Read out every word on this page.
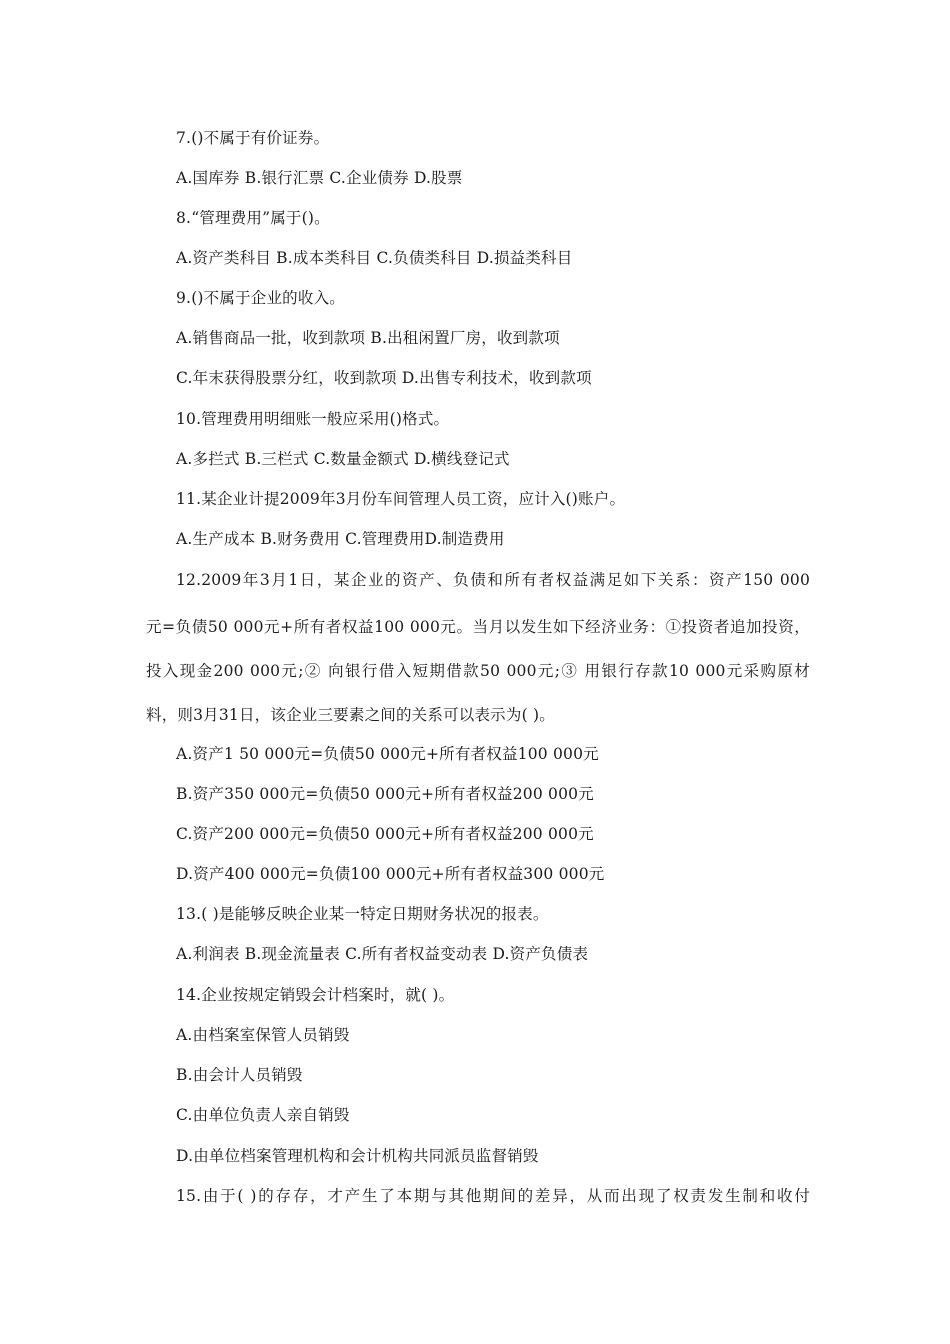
7.()不属于有价证券。
A.国库券 B.银行汇票 C.企业债券 D.股票
8.“管理费用”属于()。
A.资产类科目 B.成本类科目 C.负债类科目 D.损益类科目
9.()不属于企业的收入。
A.销售商品一批，收到款项 B.出租闲置厂房，收到款项
C.年末获得股票分红，收到款项 D.出售专利技术，收到款项
10.管理费用明细账一般应采用()格式。
A.多拦式 B.三栏式 C.数量金额式 D.横线登记式
11.某企业计提2009年3月份车间管理人员工资，应计入()账户。
A.生产成本 B.财务费用 C.管理费用D.制造费用
12.2009年3月1日，某企业的资产、负债和所有者权益满足如下关系：资产150 000
元=负债50 000元+所有者权益100 000元。当月以发生如下经济业务：①投资者追加投资，
投入现金200 000元;② 向银行借入短期借款50 000元;③ 用银行存款10 000元采购原材
料，则3月31日，该企业三要素之间的关系可以表示为( )。
A.资产1 50 000元=负债50 000元+所有者权益100 000元
B.资产350 000元=负债50 000元+所有者权益200 000元
C.资产200 000元=负债50 000元+所有者权益200 000元
D.资产400 000元=负债100 000元+所有者权益300 000元
13.( )是能够反映企业某一特定日期财务状况的报表。
A.利润表 B.现金流量表 C.所有者权益变动表 D.资产负债表
14.企业按规定销毁会计档案时，就( )。
A.由档案室保管人员销毁
B.由会计人员销毁
C.由单位负责人亲自销毁
D.由单位档案管理机构和会计机构共同派员监督销毁
15.由于( )的存存，才产生了本期与其他期间的差异，从而出现了权责发生制和收付
